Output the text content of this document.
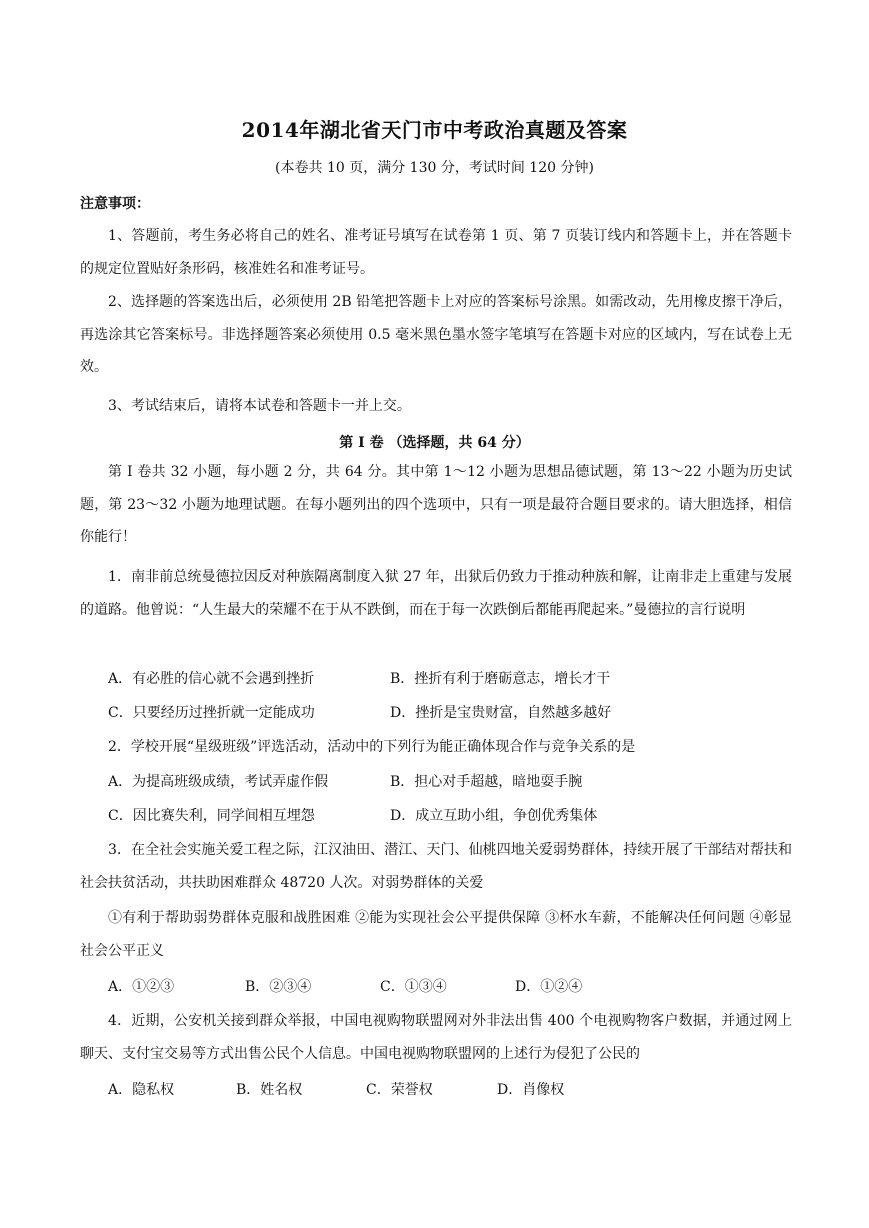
2014年湖北省天门市中考政治真题及答案
(本卷共 10 页，满分 130 分，考试时间 120 分钟)
注意事项：

1、答题前，考生务必将自己的姓名、准考证号填写在试卷第 1 页、第 7 页装订线内和答题卡上，并在答题卡的规定位置贴好条形码，核准姓名和准考证号。

2、选择题的答案选出后，必须使用 2B 铅笔把答题卡上对应的答案标号涂黑。如需改动，先用橡皮擦干净后，再选涂其它答案标号。非选择题答案必须使用 0.5 毫米黑色墨水签字笔填写在答题卡对应的区域内，写在试卷上无效。

3、考试结束后，请将本试卷和答题卡一并上交。

第 I 卷 （选择题，共 64 分）

第 I 卷共 32 小题，每小题 2 分，共 64 分。其中第 1～12 小题为思想品德试题，第 13～22 小题为历史试题，第 23～32 小题为地理试题。在每小题列出的四个选项中，只有一项是最符合题目要求的。请大胆选择，相信你能行！

1．南非前总统曼德拉因反对种族隔离制度入狱 27 年，出狱后仍致力于推动种族和解，让南非走上重建与发展的道路。他曾说：“人生最大的荣耀不在于从不跌倒，而在于每一次跌倒后都能再爬起来。”曼德拉的言行说明

A．有必胜的信心就不会遇到挫折	B．挫折有利于磨砺意志，增长才干
C．只要经历过挫折就一定能成功	D．挫折是宝贵财富，自然越多越好

2．学校开展“星级班级”评选活动，活动中的下列行为能正确体现合作与竞争关系的是

A．为提高班级成绩，考试弄虚作假	B．担心对手超越，暗地耍手腕
C．因比赛失利，同学间相互埋怨	D．成立互助小组，争创优秀集体

3．在全社会实施关爱工程之际，江汉油田、潜江、天门、仙桃四地关爱弱势群体，持续开展了干部结对帮扶和社会扶贫活动，共扶助困难群众 48720 人次。对弱势群体的关爱

①有利于帮助弱势群体克服和战胜困难 ②能为实现社会公平提供保障 ③杯水车薪，不能解决任何问题 ④彰显社会公平正义

A．①②③	B．②③④	C．①③④	D．①②④

4．近期，公安机关接到群众举报，中国电视购物联盟网对外非法出售 400 个电视购物客户数据，并通过网上聊天、支付宝交易等方式出售公民个人信息。中国电视购物联盟网的上述行为侵犯了公民的

A．隐私权	B．姓名权	C．荣誉权	D．肖像权
